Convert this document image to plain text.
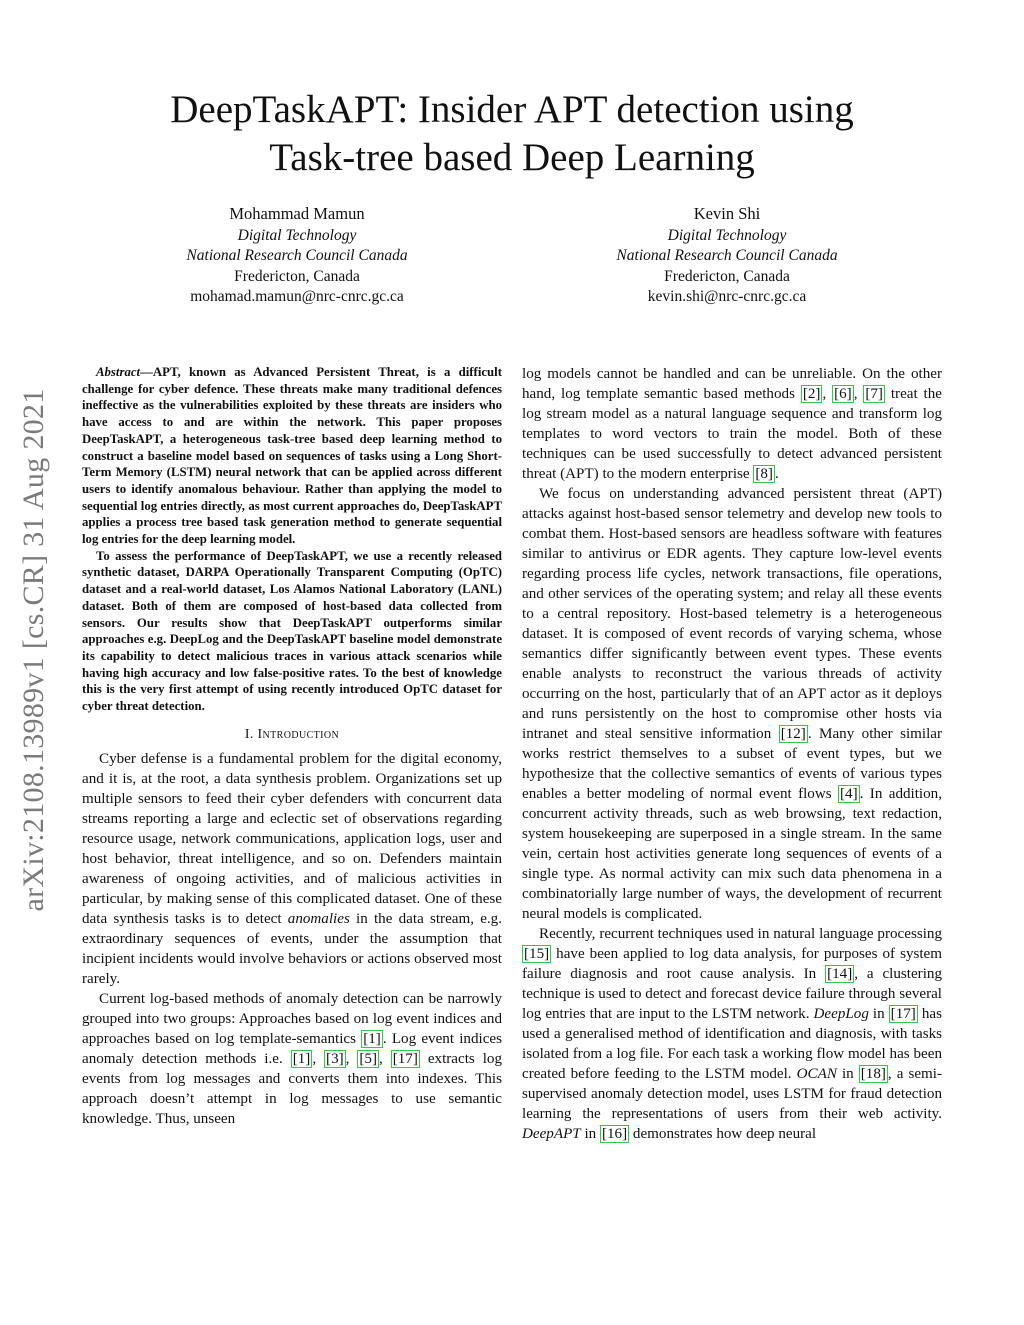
arXiv:2108.13989v1 [cs.CR] 31 Aug 2021
DeepTaskAPT: Insider APT detection using
Task-tree based Deep Learning
Mohammad Mamun
Digital Technology
National Research Council Canada
Fredericton, Canada
mohamad.mamun@nrc-cnrc.gc.ca
Kevin Shi
Digital Technology
National Research Council Canada
Fredericton, Canada
kevin.shi@nrc-cnrc.gc.ca

Abstract—APT, known as Advanced Persistent Threat, is a difficult challenge for cyber defence. These threats make many traditional defences ineffective as the vulnerabilities exploited by these threats are insiders who have access to and are within the network. This paper proposes DeepTaskAPT, a heterogeneous task-tree based deep learning method to construct a baseline model based on sequences of tasks using a Long Short-Term Memory (LSTM) neural network that can be applied across different users to identify anomalous behaviour. Rather than applying the model to sequential log entries directly, as most current approaches do, DeepTaskAPT applies a process tree based task generation method to generate sequential log entries for the deep learning model.

To assess the performance of DeepTaskAPT, we use a recently released synthetic dataset, DARPA Operationally Transparent Computing (OpTC) dataset and a real-world dataset, Los Alamos National Laboratory (LANL) dataset. Both of them are composed of host-based data collected from sensors. Our results show that DeepTaskAPT outperforms similar approaches e.g. DeepLog and the DeepTaskAPT baseline model demonstrate its capability to detect malicious traces in various attack scenarios while having high accuracy and low false-positive rates. To the best of knowledge this is the very first attempt of using recently introduced OpTC dataset for cyber threat detection.

I. Introduction

Cyber defense is a fundamental problem for the digital economy, and it is, at the root, a data synthesis problem. Organizations set up multiple sensors to feed their cyber defenders with concurrent data streams reporting a large and eclectic set of observations regarding resource usage, network communications, application logs, user and host behavior, threat intelligence, and so on. Defenders maintain awareness of ongoing activities, and of malicious activities in particular, by making sense of this complicated dataset. One of these data synthesis tasks is to detect anomalies in the data stream, e.g. extraordinary sequences of events, under the assumption that incipient incidents would involve behaviors or actions observed most rarely.

Current log-based methods of anomaly detection can be narrowly grouped into two groups: Approaches based on log event indices and approaches based on log template-semantics [1] . Log event indices anomaly detection methods i.e. [1] , [3] , [5] , [17] extracts log events from log messages and converts them into indexes. This approach doesn’t attempt in log messages to use semantic knowledge. Thus, unseen

log models cannot be handled and can be unreliable. On the other hand, log template semantic based methods [2] , [6] , [7] treat the log stream model as a natural language sequence and transform log templates to word vectors to train the model. Both of these techniques can be used successfully to detect advanced persistent threat (APT) to the modern enterprise [8] .

We focus on understanding advanced persistent threat (APT) attacks against host-based sensor telemetry and develop new tools to combat them. Host-based sensors are headless software with features similar to antivirus or EDR agents. They capture low-level events regarding process life cycles, network transactions, file operations, and other services of the operating system; and relay all these events to a central repository. Host-based telemetry is a heterogeneous dataset. It is composed of event records of varying schema, whose semantics differ significantly between event types. These events enable analysts to reconstruct the various threads of activity occurring on the host, particularly that of an APT actor as it deploys and runs persistently on the host to compromise other hosts via intranet and steal sensitive information [12] . Many other similar works restrict themselves to a subset of event types, but we hypothesize that the collective semantics of events of various types enables a better modeling of normal event flows [4] . In addition, concurrent activity threads, such as web browsing, text redaction, system housekeeping are superposed in a single stream. In the same vein, certain host activities generate long sequences of events of a single type. As normal activity can mix such data phenomena in a combinatorially large number of ways, the development of recurrent neural models is complicated.

Recently, recurrent techniques used in natural language processing [15] have been applied to log data analysis, for purposes of system failure diagnosis and root cause analysis. In [14] , a clustering technique is used to detect and forecast device failure through several log entries that are input to the LSTM network. DeepLog in [17] has used a generalised method of identification and diagnosis, with tasks isolated from a log file. For each task a working flow model has been created before feeding to the LSTM model. OCAN in [18] , a semi-supervised anomaly detection model, uses LSTM for fraud detection learning the representations of users from their web activity. DeepAPT in [16] demonstrates how deep neural
